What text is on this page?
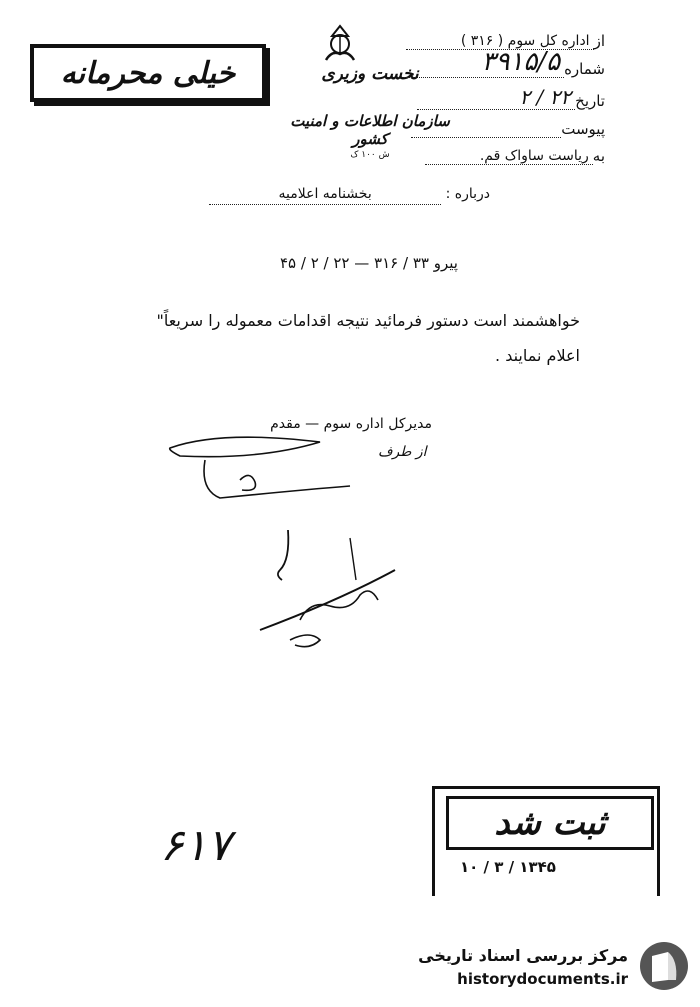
خیلی محرمانه	نخست وزیری
سازمان اطلاعات و امنیت کشور
ش ۱۰۰ ک
از
اداره کل سوم ( ۳۱۶ )
شماره
۳۹۱۵/۵
تاریخ
۲۲ / ۲
پیوست
به
ریاست ساواک قم.
درباره : بخشنامه اعلامیه
پیرو ۳۳ / ۳۱۶ — ۲۲ / ۲ / ۴۵
خواهشمند است دستور فرمائید نتیجه اقدامات معموله را سریعاً"
اعلام نمایند .
مدیرکل اداره سوم — مقدم
از طرف
۶۱۷	ثبت شد
۱۰ / ۳ / ۱۳۴۵
مرکز بررسی اسناد تاریخی
historydocuments.ir
